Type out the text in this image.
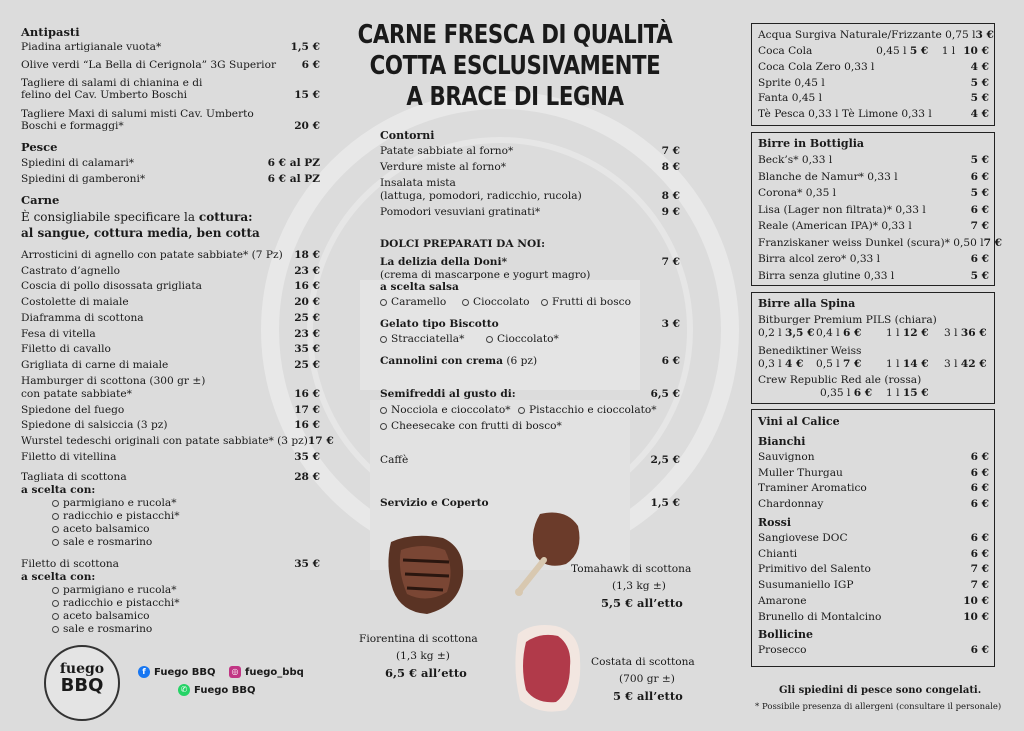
Antipasti
Piadina artigianale vuota*	1,5 €
Olive verdi “La Bella di Cerignola” 3G Superior 6 €
Tagliere di salami di chianina e di
felino del Cav. Umberto Boschi	15 €
Tagliere Maxi di salumi misti Cav. Umberto
Boschi e formaggi*	20 €
Pesce
Spiedini di calamari*	6 € al PZ
Spiedini di gamberoni*	6 € al PZ
Carne
È consigliabile specificare la cottura:
al sangue, cottura media, ben cotta
Arrosticini di agnello con patate sabbiate* (7 Pz) 18 €
Castrato d’agnello	23 €
Coscia di pollo disossata grigliata	16 €
Costolette di maiale	20 €
Diaframma di scottona	25 €
Fesa di vitella	23 €
Filetto di cavallo	35 €
Grigliata di carne di maiale	25 €
Hamburger di scottona (300 gr ±)
con patate sabbiate*	16 €
Spiedone del fuego	17 €
Spiedone di salsiccia (3 pz)	16 €
Wurstel tedeschi originali con patate sabbiate* (3 pz) 17 €
Filetto di vitellina	35 €
Tagliata di scottona	28 €
a scelta con:
parmigiano e rucola*
radicchio e pistacchi*
aceto balsamico
sale e rosmarino
Filetto di scottona	35 €
a scelta con:
parmigiano e rucola*
radicchio e pistacchi*
aceto balsamico
sale e rosmarino
fuego
BBQ
f Fuego BBQ	◎ fuego_bbq
✆ Fuego BBQ
CARNE FRESCA DI QUALITÀ
COTTA ESCLUSIVAMENTE
A BRACE DI LEGNA
Contorni
Patate sabbiate al forno*	7 €
Verdure miste al forno*	8 €
Insalata mista
(lattuga, pomodori, radicchio, rucola)	8 €
Pomodori vesuviani gratinati*	9 €
DOLCI PREPARATI DA NOI:
La delizia della Doni*	7 €
(crema di mascarpone e yogurt magro)
a scelta salsa
Caramello	Cioccolato	Frutti di bosco
Gelato tipo Biscotto	3 €
Stracciatella*	Cioccolato*
Cannolini con crema (6 pz)	6 €
Semifreddi al gusto di:	6,5 €
Nocciola e cioccolato*	Pistacchio e cioccolato*
Cheesecake con frutti di bosco*
Caffè	2,5 €
Servizio e Coperto	1,5 €
Tomahawk di scottona
(1,3 kg ±)
5,5 € all’etto
Fiorentina di scottona
(1,3 kg ±)
6,5 € all’etto
Costata di scottona
(700 gr ±)
5 € all’etto
Acqua Surgiva Naturale/Frizzante 0,75 l 3 €
Coca Cola	0,45 l 5 € 1 l 10 €
Coca Cola Zero 0,33 l	4 €
Sprite 0,45 l	5 €
Fanta 0,45 l	5 €
Tè Pesca 0,33 l Tè Limone 0,33 l	4 €
Birre in Bottiglia
Beck’s* 0,33 l	5 €
Blanche de Namur* 0,33 l	6 €
Corona* 0,35 l	5 €
Lisa (Lager non filtrata)* 0,33 l	6 €
Reale (American IPA)* 0,33 l	7 €
Franziskaner weiss Dunkel (scura)* 0,50 l 7 €
Birra alcol zero* 0,33 l	6 €
Birra senza glutine 0,33 l	5 €
Birre alla Spina
Bitburger Premium PILS (chiara)
0,2 l 3,5 € 0,4 l 6 € 1 l 12 € 3 l 36 €
Benediktiner Weiss
0,3 l 4 € 0,5 l 7 € 1 l 14 € 3 l 42 €
Crew Republic Red ale (rossa)
0,35 l 6 € 1 l 15 €
Vini al Calice
Bianchi
Sauvignon	6 €
Muller Thurgau	6 €
Traminer Aromatico	6 €
Chardonnay	6 €
Rossi
Sangiovese DOC	6 €
Chianti	6 €
Primitivo del Salento	7 €
Susumaniello IGP	7 €
Amarone	10 €
Brunello di Montalcino	10 €
Bollicine
Prosecco	6 €
Gli spiedini di pesce sono congelati.
* Possibile presenza di allergeni (consultare il personale)
